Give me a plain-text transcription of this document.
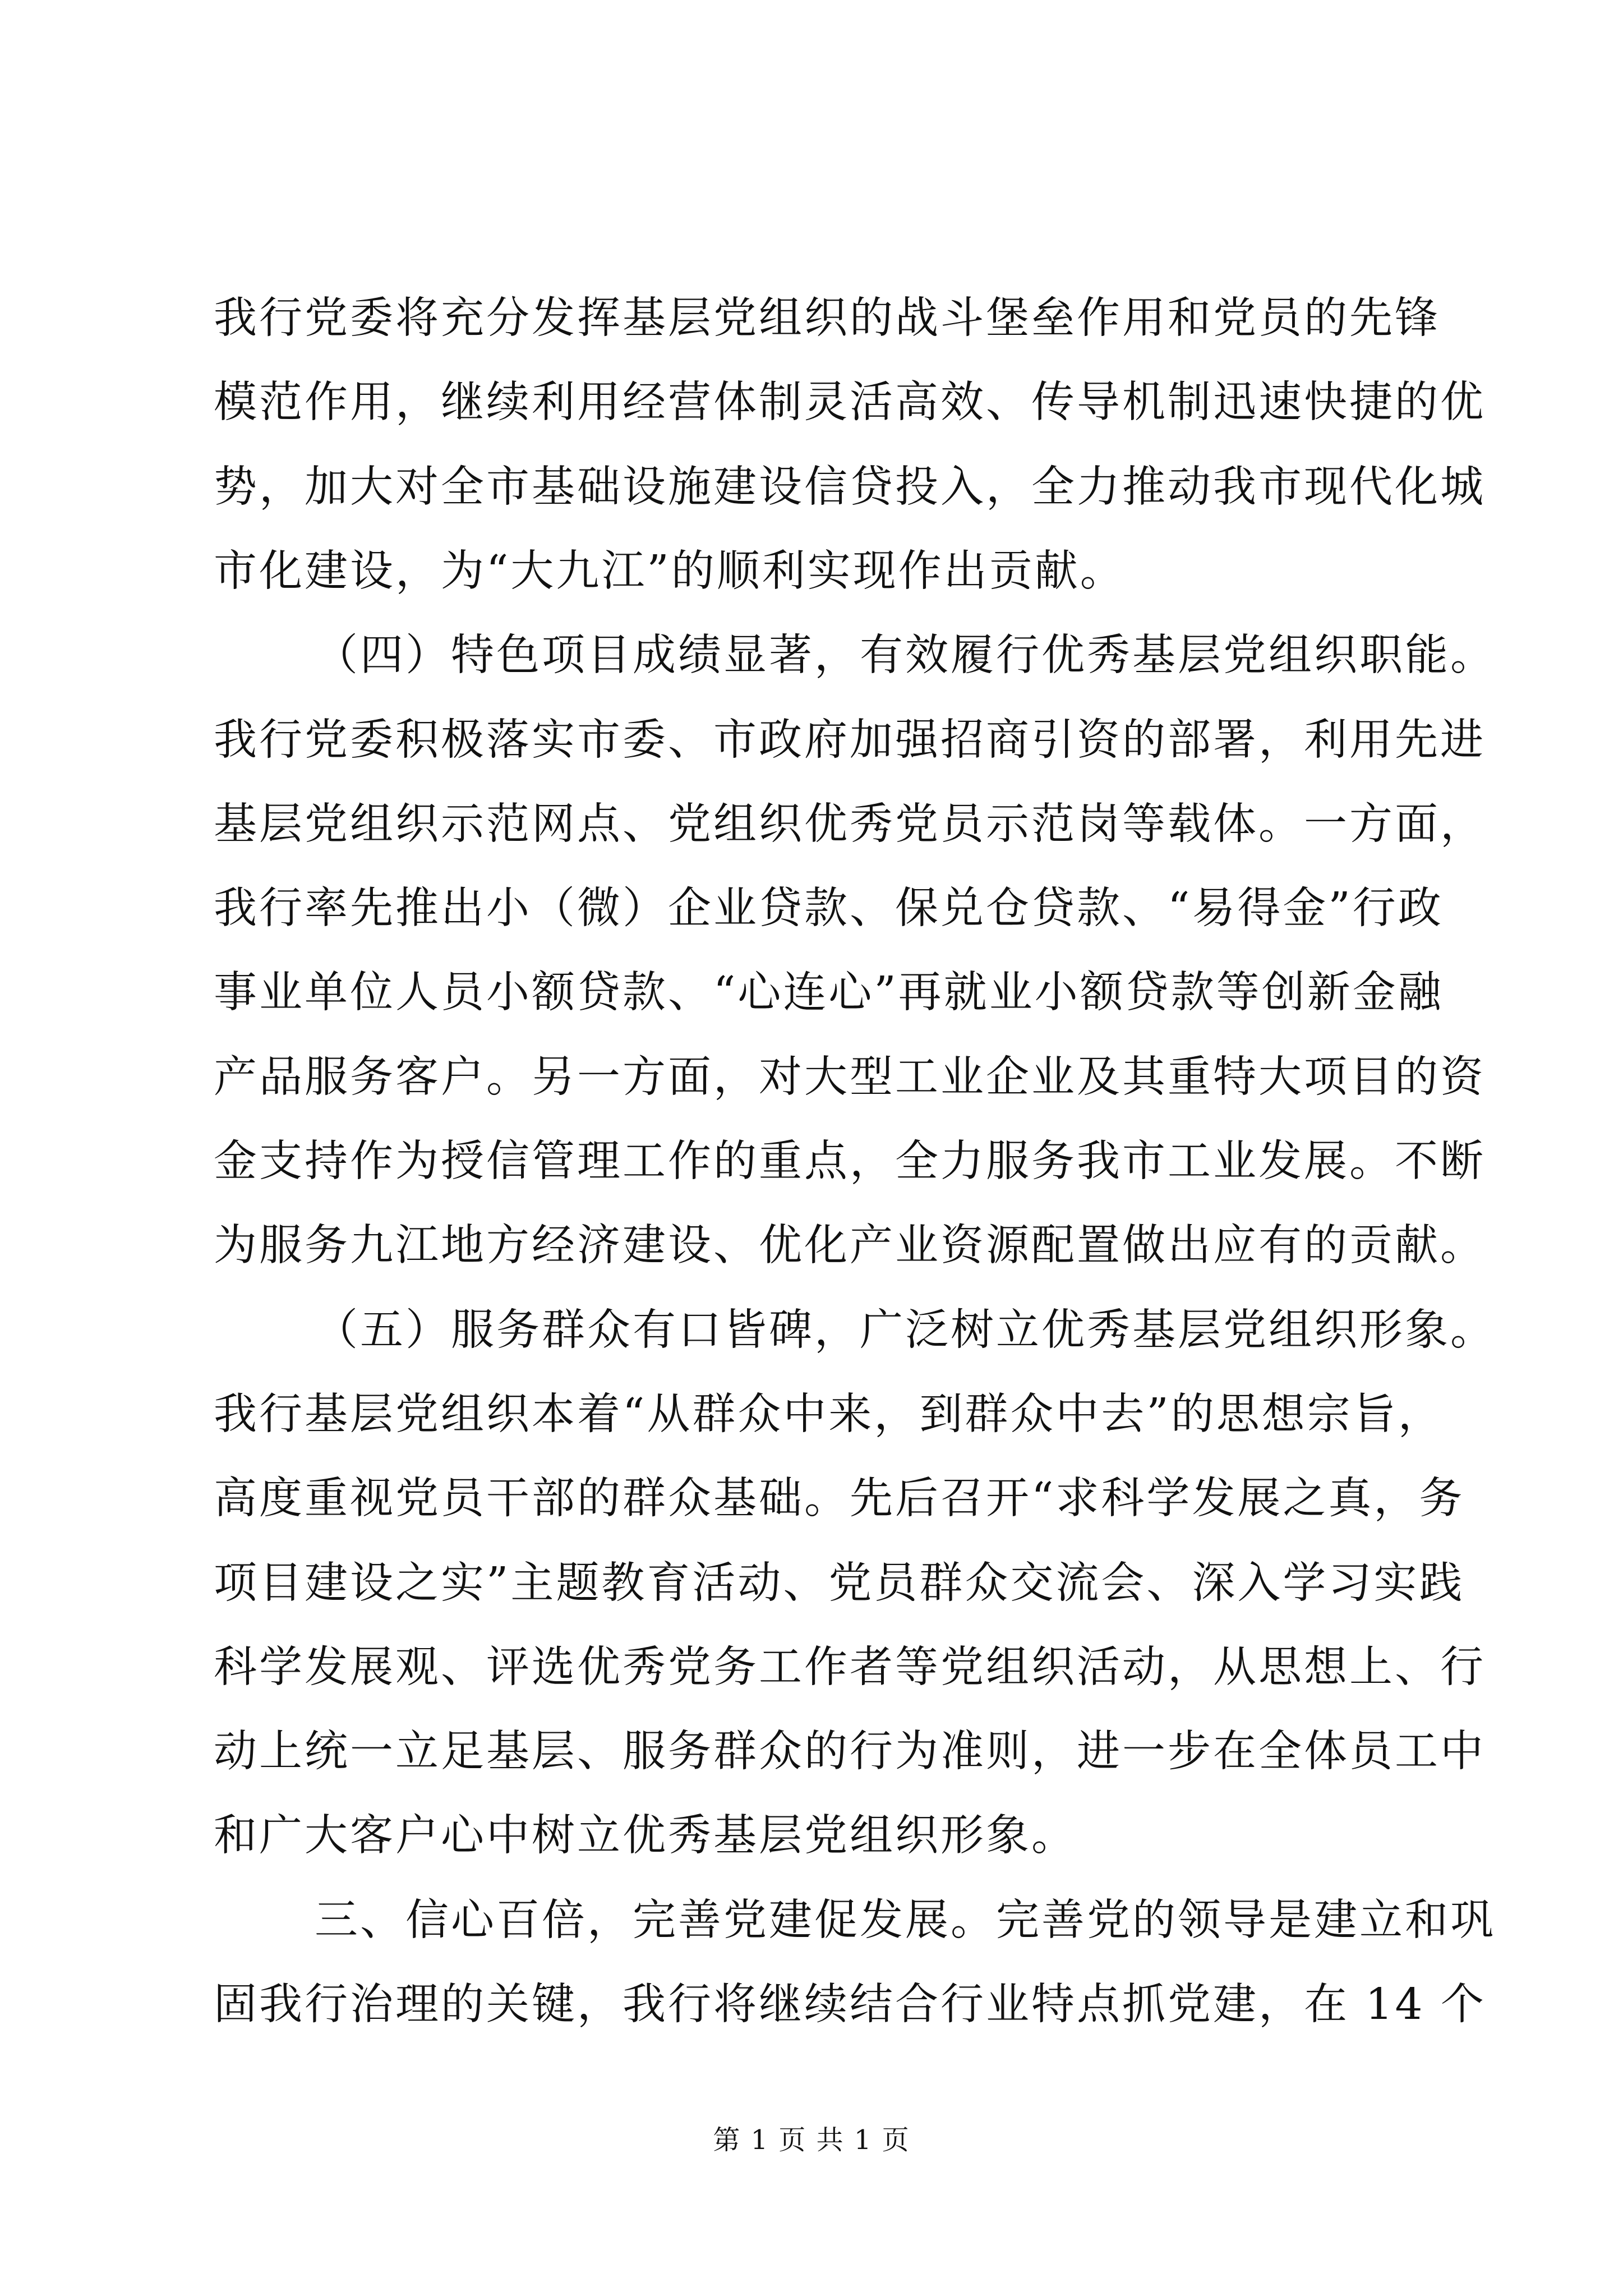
我行党委将充分发挥基层党组织的战斗堡垒作用和党员的先锋
模范作用，继续利用经营体制灵活高效、传导机制迅速快捷的优
势，加大对全市基础设施建设信贷投入，全力推动我市现代化城
市化建设，为“大九江”的顺利实现作出贡献。
（四）特色项目成绩显著，有效履行优秀基层党组织职能。
我行党委积极落实市委、市政府加强招商引资的部署，利用先进
基层党组织示范网点、党组织优秀党员示范岗等载体。一方面，
我行率先推出小（微）企业贷款、保兑仓贷款、“易得金”行政
事业单位人员小额贷款、“心连心”再就业小额贷款等创新金融
产品服务客户。另一方面，对大型工业企业及其重特大项目的资
金支持作为授信管理工作的重点，全力服务我市工业发展。不断
为服务九江地方经济建设、优化产业资源配置做出应有的贡献。
（五）服务群众有口皆碑，广泛树立优秀基层党组织形象。
我行基层党组织本着“从群众中来，到群众中去”的思想宗旨，
高度重视党员干部的群众基础。先后召开“求科学发展之真，务
项目建设之实”主题教育活动、党员群众交流会、深入学习实践
科学发展观、评选优秀党务工作者等党组织活动，从思想上、行
动上统一立足基层、服务群众的行为准则，进一步在全体员工中
和广大客户心中树立优秀基层党组织形象。
三、信心百倍，完善党建促发展。完善党的领导是建立和巩
固我行治理的关键，我行将继续结合行业特点抓党建，在 14 个
第 1 页 共 1 页
